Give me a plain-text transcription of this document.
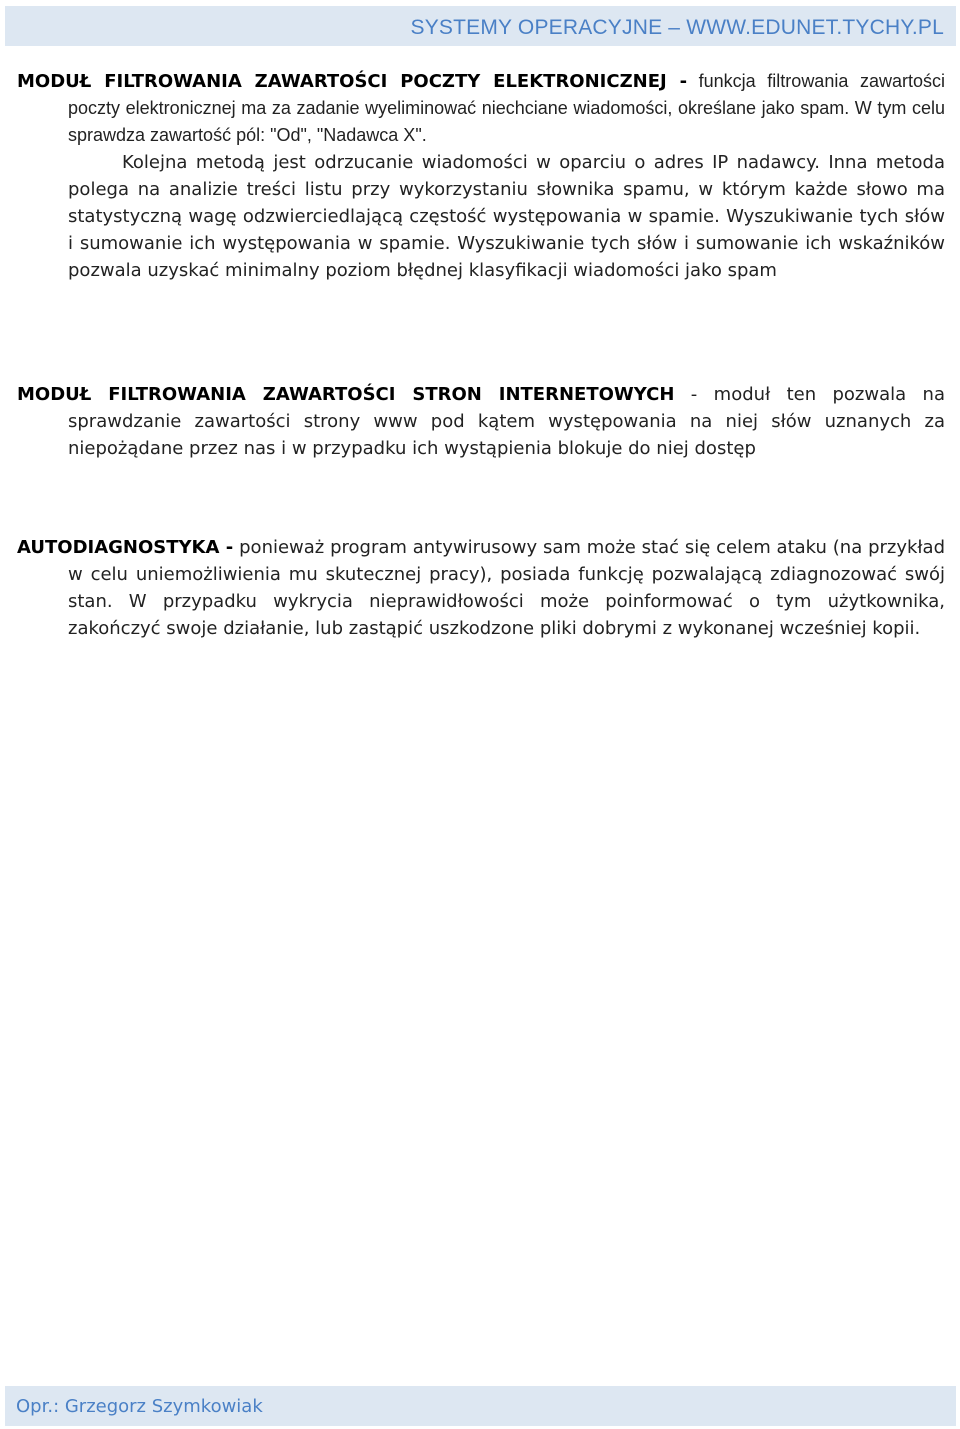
SYSTEMY OPERACYJNE – WWW.EDUNET.TYCHY.PL
MODUŁ FILTROWANIA ZAWARTOŚCI POCZTY ELEKTRONICZNEJ - funkcja filtrowania zawartości poczty elektronicznej ma za zadanie wyeliminować niechciane wiadomości, określane jako spam. W tym celu sprawdza zawartość pól: "Od", "Nadawca X".
Kolejna metodą jest odrzucanie wiadomości w oparciu o adres IP nadawcy. Inna metoda polega na analizie treści listu przy wykorzystaniu słownika spamu, w którym każde słowo ma statystyczną wagę odzwierciedlającą częstość występowania w spamie. Wyszukiwanie tych słów i sumowanie ich występowania w spamie. Wyszukiwanie tych słów i sumowanie ich wskaźników pozwala uzyskać minimalny poziom błędnej klasyfikacji wiadomości jako spam
MODUŁ FILTROWANIA ZAWARTOŚCI STRON INTERNETOWYCH - moduł ten pozwala na sprawdzanie zawartości strony www pod kątem występowania na niej słów uznanych za niepożądane przez nas i w przypadku ich wystąpienia blokuje do niej dostęp
AUTODIAGNOSTYKA - ponieważ program antywirusowy sam może stać się celem ataku (na przykład w celu uniemożliwienia mu skutecznej pracy), posiada funkcję pozwalającą zdiagnozować swój stan. W przypadku wykrycia nieprawidłowości może poinformować o tym użytkownika, zakończyć swoje działanie, lub zastąpić uszkodzone pliki dobrymi z wykonanej wcześniej kopii.
Opr.: Grzegorz Szymkowiak
